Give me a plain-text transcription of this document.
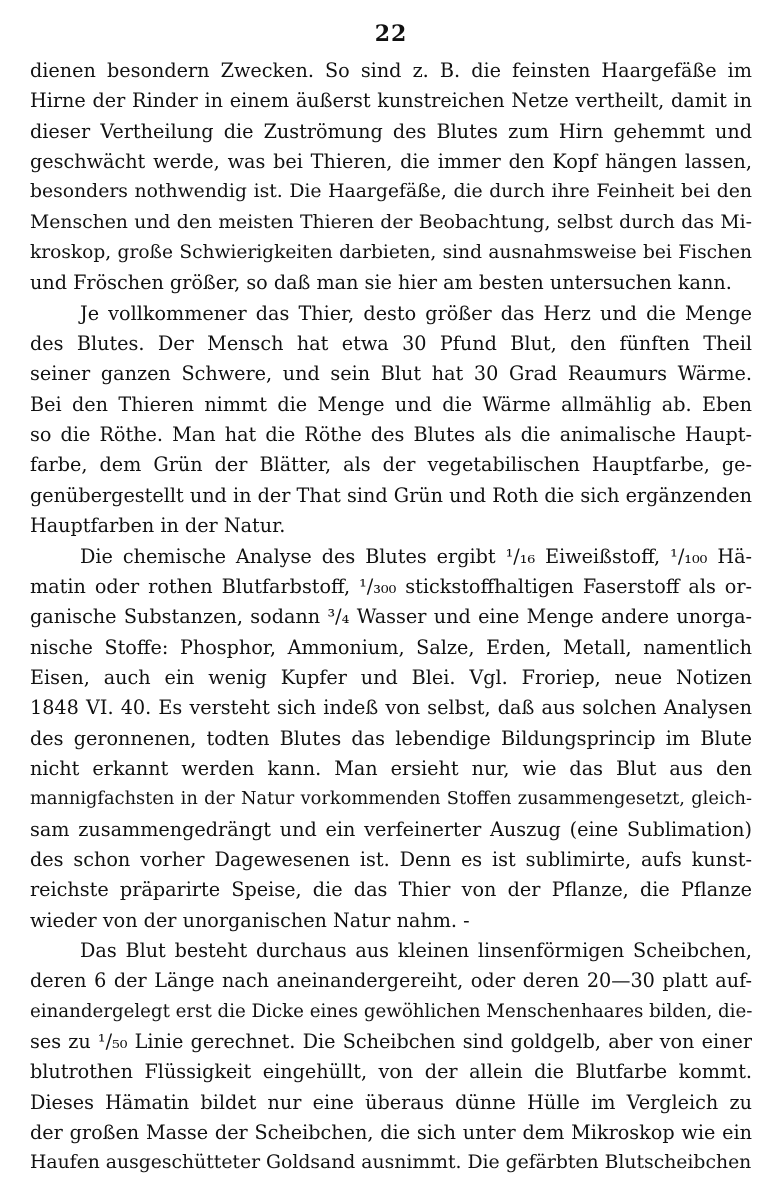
22
dienen besondern Zwecken. So sind z. B. die feinsten Haargefäße im
Hirne der Rinder in einem äußerst kunstreichen Netze vertheilt, damit in
dieser Vertheilung die Zuströmung des Blutes zum Hirn gehemmt und
geschwächt werde, was bei Thieren, die immer den Kopf hängen lassen,
besonders nothwendig ist. Die Haargefäße, die durch ihre Feinheit bei den
Menschen und den meisten Thieren der Beobachtung, selbst durch das Mi-
kroskop, große Schwierigkeiten darbieten, sind ausnahmsweise bei Fischen
und Fröschen größer, so daß man sie hier am besten untersuchen kann.
Je vollkommener das Thier, desto größer das Herz und die Menge
des Blutes. Der Mensch hat etwa 30 Pfund Blut, den fünften Theil
seiner ganzen Schwere, und sein Blut hat 30 Grad Reaumurs Wärme.
Bei den Thieren nimmt die Menge und die Wärme allmählig ab. Eben
so die Röthe. Man hat die Röthe des Blutes als die animalische Haupt-
farbe, dem Grün der Blätter, als der vegetabilischen Hauptfarbe, ge-
genübergestellt und in der That sind Grün und Roth die sich ergänzenden
Hauptfarben in der Natur.
Die chemische Analyse des Blutes ergibt ¹/₁₆ Eiweißstoff, ¹/₁₀₀ Hä-
matin oder rothen Blutfarbstoff, ¹/₃₀₀ stickstoffhaltigen Faserstoff als or-
ganische Substanzen, sodann ³/₄ Wasser und eine Menge andere unorga-
nische Stoffe: Phosphor, Ammonium, Salze, Erden, Metall, namentlich
Eisen, auch ein wenig Kupfer und Blei. Vgl. Froriep, neue Notizen
1848 VI. 40. Es versteht sich indeß von selbst, daß aus solchen Analysen
des geronnenen, todten Blutes das lebendige Bildungsprincip im Blute
nicht erkannt werden kann. Man ersieht nur, wie das Blut aus den
mannigfachsten in der Natur vorkommenden Stoffen zusammengesetzt, gleich-
sam zusammengedrängt und ein verfeinerter Auszug (eine Sublimation)
des schon vorher Dagewesenen ist. Denn es ist sublimirte, aufs kunst-
reichste präparirte Speise, die das Thier von der Pflanze, die Pflanze
wieder von der unorganischen Natur nahm. -
Das Blut besteht durchaus aus kleinen linsenförmigen Scheibchen,
deren 6 der Länge nach aneinandergereiht, oder deren 20—30 platt auf-
einandergelegt erst die Dicke eines gewöhlichen Menschenhaares bilden, die-
ses zu ¹/₅₀ Linie gerechnet. Die Scheibchen sind goldgelb, aber von einer
blutrothen Flüssigkeit eingehüllt, von der allein die Blutfarbe kommt.
Dieses Hämatin bildet nur eine überaus dünne Hülle im Vergleich zu
der großen Masse der Scheibchen, die sich unter dem Mikroskop wie ein
Haufen ausgeschütteter Goldsand ausnimmt. Die gefärbten Blutscheibchen
